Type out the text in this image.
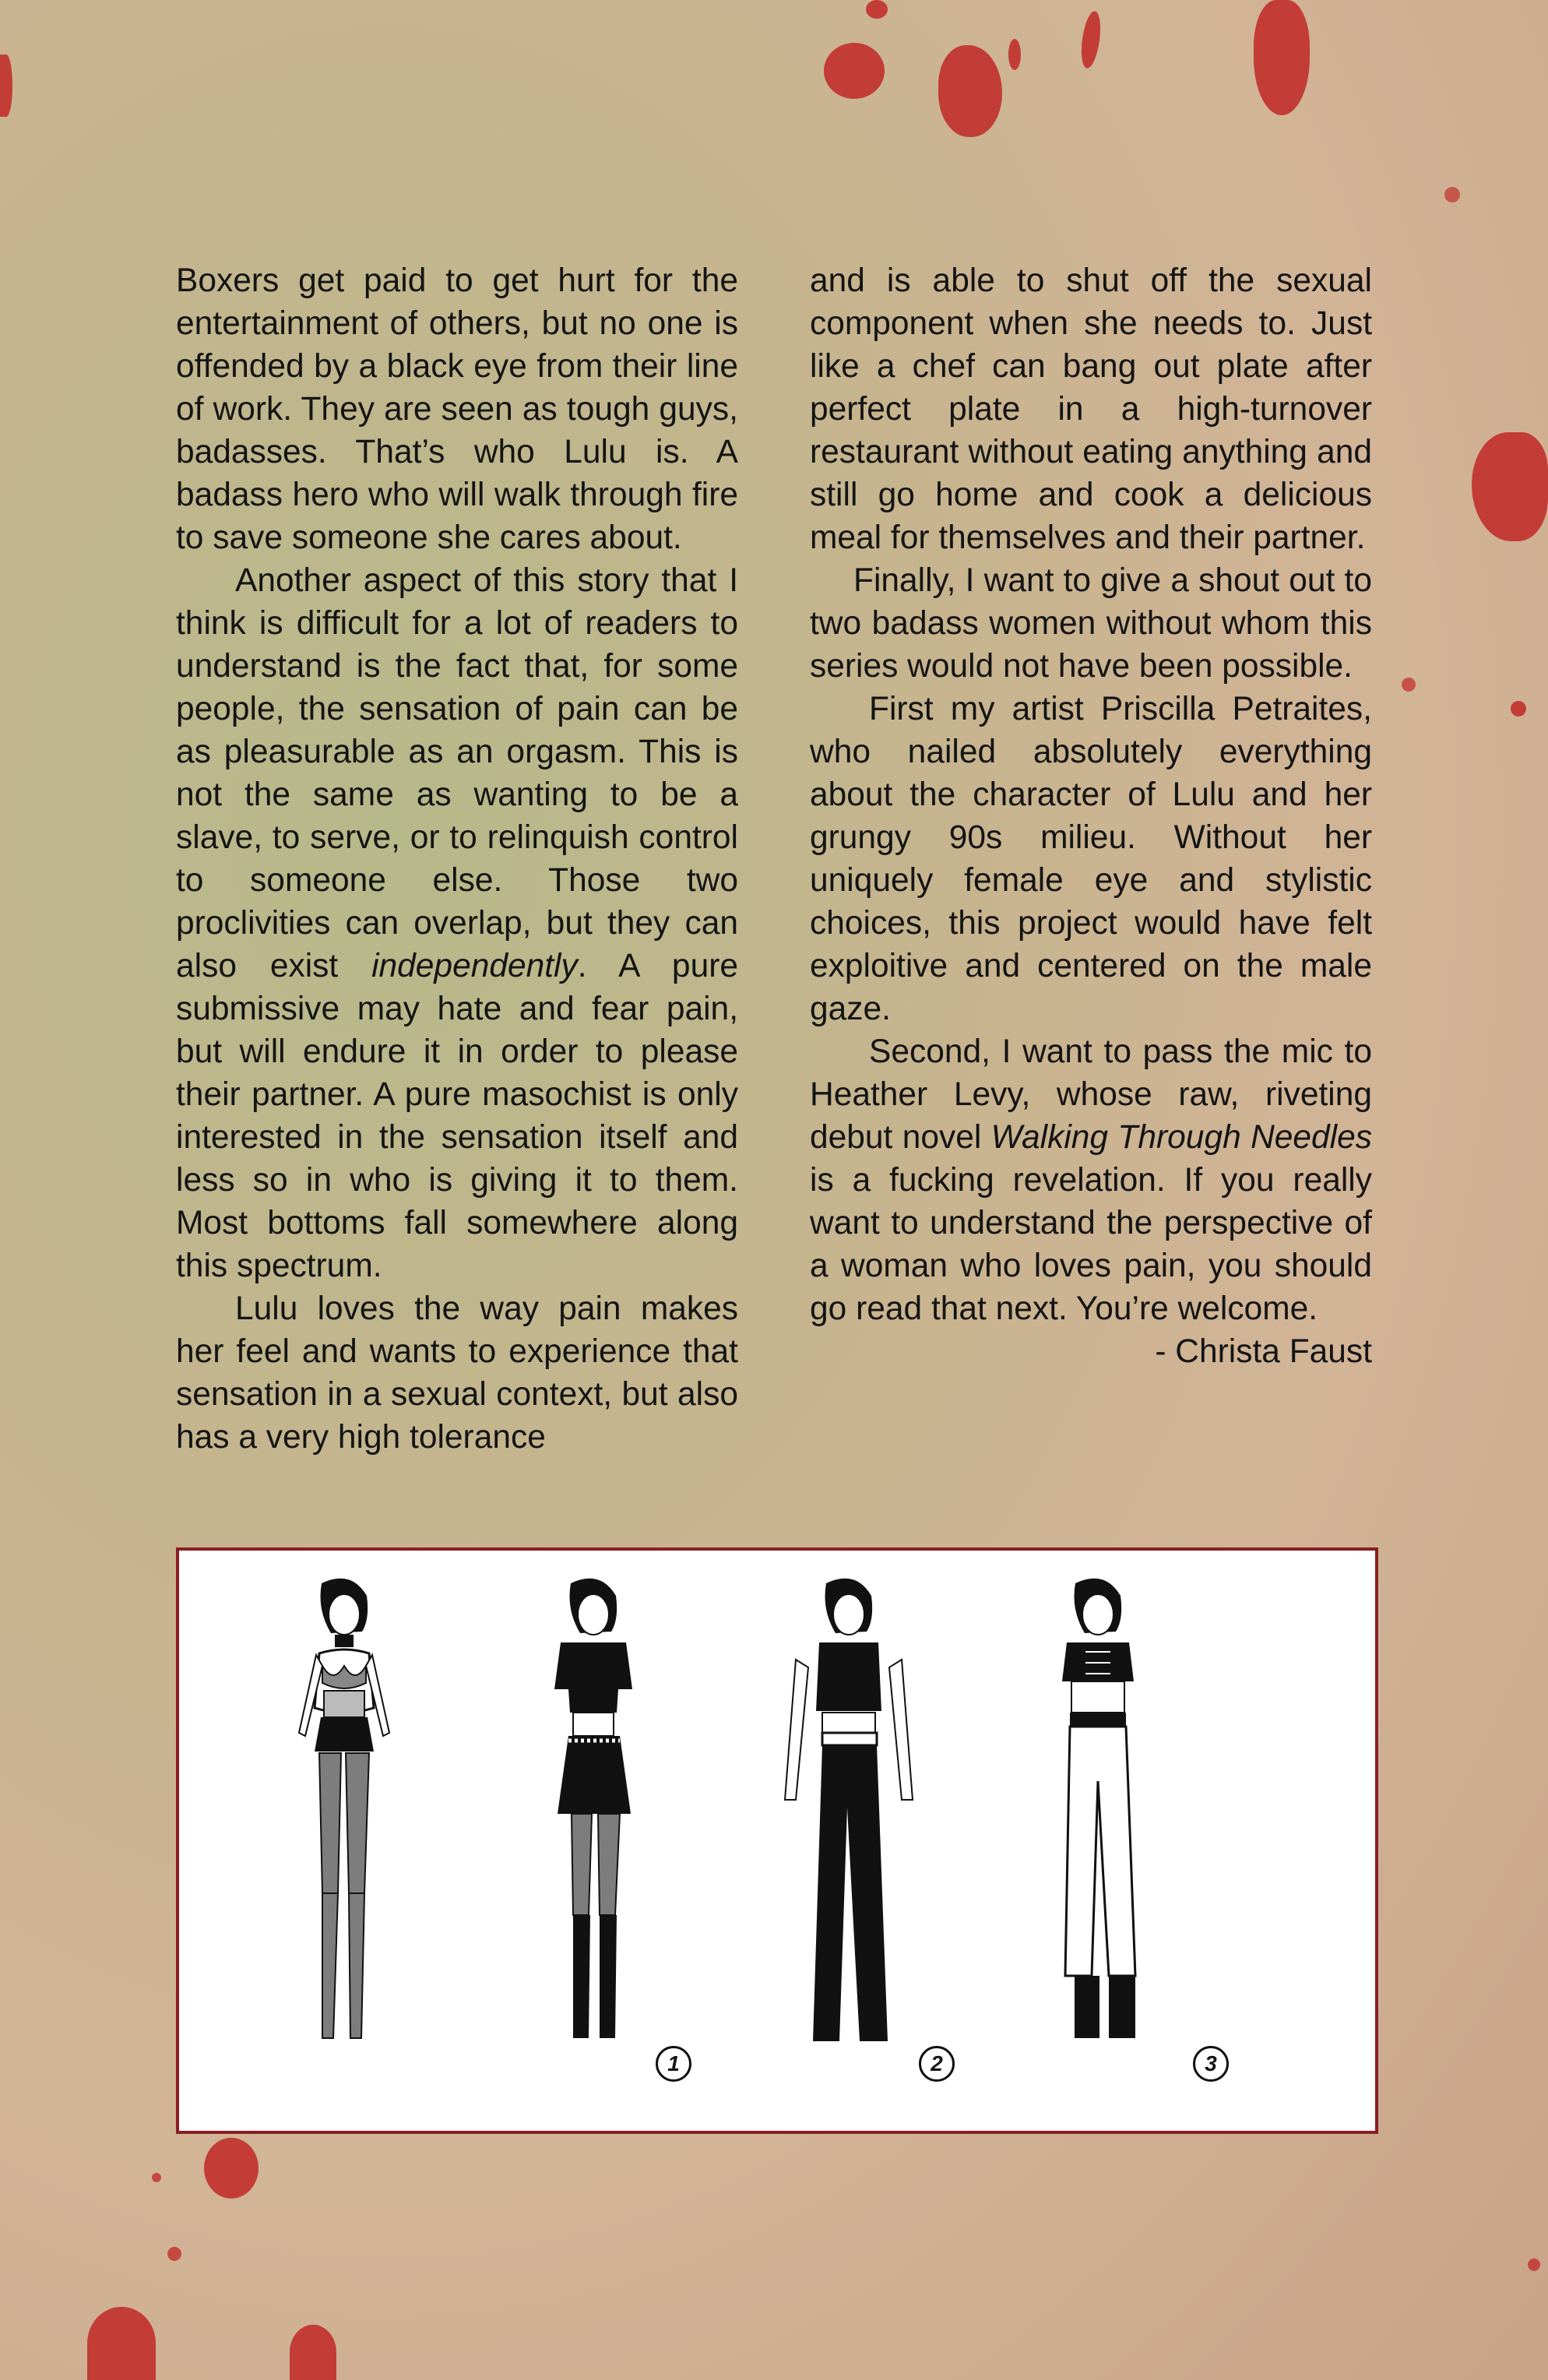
Boxers get paid to get hurt for the entertainment of others, but no one is offended by a black eye from their line of work. They are seen as tough guys, badasses. That’s who Lulu is. A badass hero who will walk through fire to save someone she cares about.

Another aspect of this story that I think is difficult for a lot of readers to understand is the fact that, for some people, the sensation of pain can be as pleasurable as an orgasm. This is not the same as wanting to be a slave, to serve, or to relinquish control to someone else. Those two proclivities can overlap, but they can also exist independently. A pure submissive may hate and fear pain, but will endure it in order to please their partner. A pure masochist is only interested in the sensation itself and less so in who is giving it to them. Most bottoms fall somewhere along this spectrum.

Lulu loves the way pain makes her feel and wants to experience that sensation in a sexual context, but also has a very high tolerance

and is able to shut off the sexual component when she needs to. Just like a chef can bang out plate after perfect plate in a high-turnover restaurant without eating anything and still go home and cook a delicious meal for themselves and their partner.

Finally, I want to give a shout out to two badass women without whom this series would not have been possible.

First my artist Priscilla Petraites, who nailed absolutely everything about the character of Lulu and her grungy 90s milieu. Without her uniquely female eye and stylistic choices, this project would have felt exploitive and centered on the male gaze.

Second, I want to pass the mic to Heather Levy, whose raw, riveting debut novel Walking Through Needles is a fucking revelation. If you really want to understand the perspective of a woman who loves pain, you should go read that next. You’re welcome.

- Christa Faust

1	2	3
